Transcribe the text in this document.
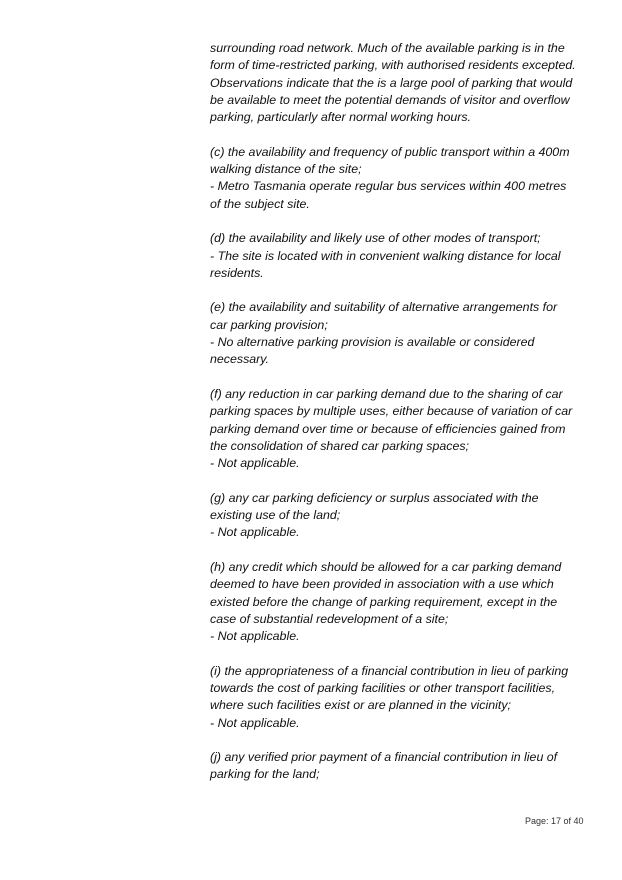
surrounding road network. Much of the available parking is in the
form of time-restricted parking, with authorised residents excepted.
Observations indicate that the is a large pool of parking that would
be available to meet the potential demands of visitor and overflow
parking, particularly after normal working hours.
(c) the availability and frequency of public transport within a 400m
walking distance of the site;
- Metro Tasmania operate regular bus services within 400 metres
of the subject site.
(d) the availability and likely use of other modes of transport;
- The site is located with in convenient walking distance for local
residents.
(e) the availability and suitability of alternative arrangements for
car parking provision;
- No alternative parking provision is available or considered
necessary.
(f) any reduction in car parking demand due to the sharing of car
parking spaces by multiple uses, either because of variation of car
parking demand over time or because of efficiencies gained from
the consolidation of shared car parking spaces;
- Not applicable.
(g) any car parking deficiency or surplus associated with the
existing use of the land;
- Not applicable.
(h) any credit which should be allowed for a car parking demand
deemed to have been provided in association with a use which
existed before the change of parking requirement, except in the
case of substantial redevelopment of a site;
- Not applicable.
(i) the appropriateness of a financial contribution in lieu of parking
towards the cost of parking facilities or other transport facilities,
where such facilities exist or are planned in the vicinity;
- Not applicable.
(j) any verified prior payment of a financial contribution in lieu of
parking for the land;
Page: 17 of 40
